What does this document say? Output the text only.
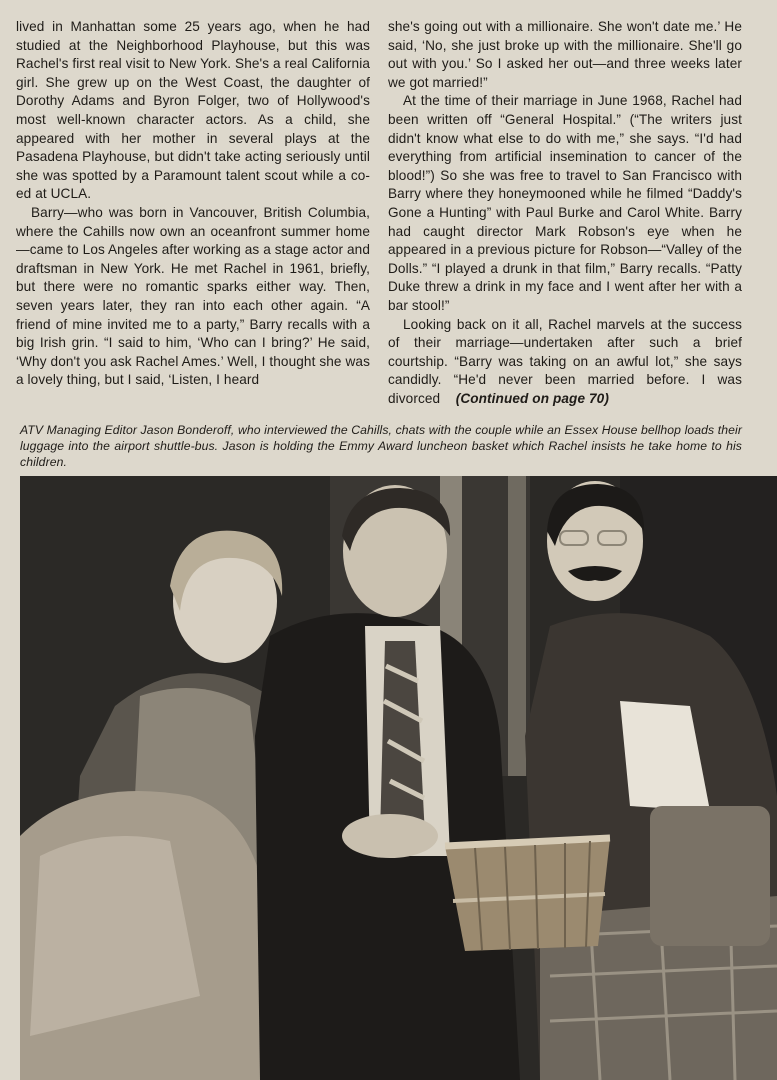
lived in Manhattan some 25 years ago, when he had studied at the Neighborhood Playhouse, but this was Rachel's first real visit to New York. She's a real California girl. She grew up on the West Coast, the daughter of Dorothy Adams and Byron Folger, two of Hollywood's most well-known character actors. As a child, she appeared with her mother in several plays at the Pasadena Playhouse, but didn't take acting seriously until she was spotted by a Paramount talent scout while a co-ed at UCLA.

Barry—who was born in Vancouver, British Columbia, where the Cahills now own an oceanfront summer home—came to Los Angeles after working as a stage actor and draftsman in New York. He met Rachel in 1961, briefly, but there were no romantic sparks either way. Then, seven years later, they ran into each other again. “A friend of mine invited me to a party,” Barry recalls with a big Irish grin. “I said to him, ‘Who can I bring?’ He said, ‘Why don't you ask Rachel Ames.’ Well, I thought she was a lovely thing, but I said, ‘Listen, I heard

she's going out with a millionaire. She won't date me.’ He said, ‘No, she just broke up with the millionaire. She'll go out with you.’ So I asked her out—and three weeks later we got married!”

At the time of their marriage in June 1968, Rachel had been written off “General Hospital.” (“The writers just didn't know what else to do with me,” she says. “I'd had everything from artificial insemination to cancer of the blood!”) So she was free to travel to San Francisco with Barry where they honeymooned while he filmed “Daddy's Gone a Hunting” with Paul Burke and Carol White. Barry had caught director Mark Robson's eye when he appeared in a previous picture for Robson—“Valley of the Dolls.” “I played a drunk in that film,” Barry recalls. “Patty Duke threw a drink in my face and I went after her with a bar stool!”

Looking back on it all, Rachel marvels at the success of their marriage—undertaken after such a brief courtship. “Barry was taking on an awful lot,” she says candidly. “He'd never been married before. I was divorced (Continued on page 70)

ATV Managing Editor Jason Bonderoff, who interviewed the Cahills, chats with the couple while an Essex House bellhop loads their luggage into the airport shuttle-bus. Jason is holding the Emmy Award luncheon basket which Rachel insists he take home to his children.
